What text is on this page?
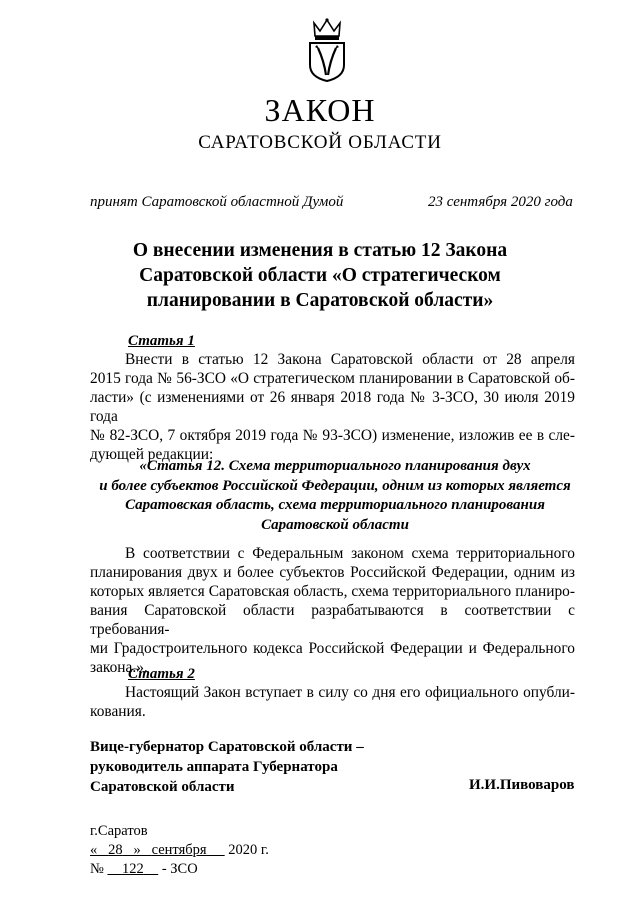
ЗАКОН
САРАТОВСКОЙ ОБЛАСТИ
принят Саратовской областной Думой	23 сентября 2020 года
О внесении изменения в статью 12 Закона
Саратовской области «О стратегическом
планировании в Саратовской области»
Статья 1
Внести в статью 12 Закона Саратовской области от 28 апреля
2015 года № 56-ЗСО «О стратегическом планировании в Саратовской об-
ласти» (с изменениями от 26 января 2018 года № 3-ЗСО, 30 июля 2019 года
№ 82-ЗСО, 7 октября 2019 года № 93-ЗСО) изменение, изложив ее в сле-
дующей редакции:
«Статья 12. Схема территориального планирования двух
и более субъектов Российской Федерации, одним из которых является
Саратовская область, схема территориального планирования
Саратовской области
В соответствии с Федеральным законом схема территориального
планирования двух и более субъектов Российской Федерации, одним из
которых является Саратовская область, схема территориального планиро-
вания Саратовской области разрабатываются в соответствии с требования-
ми Градостроительного кодекса Российской Федерации и Федерального
закона.».
Статья 2
Настоящий Закон вступает в силу со дня его официального опубли-
кования.
Вице-губернатор Саратовской области –
руководитель аппарата Губернатора
Саратовской области	И.И.Пивоваров
г.Саратов
«   28   »   сентября 2020 г.
№ 122 - ЗСО
